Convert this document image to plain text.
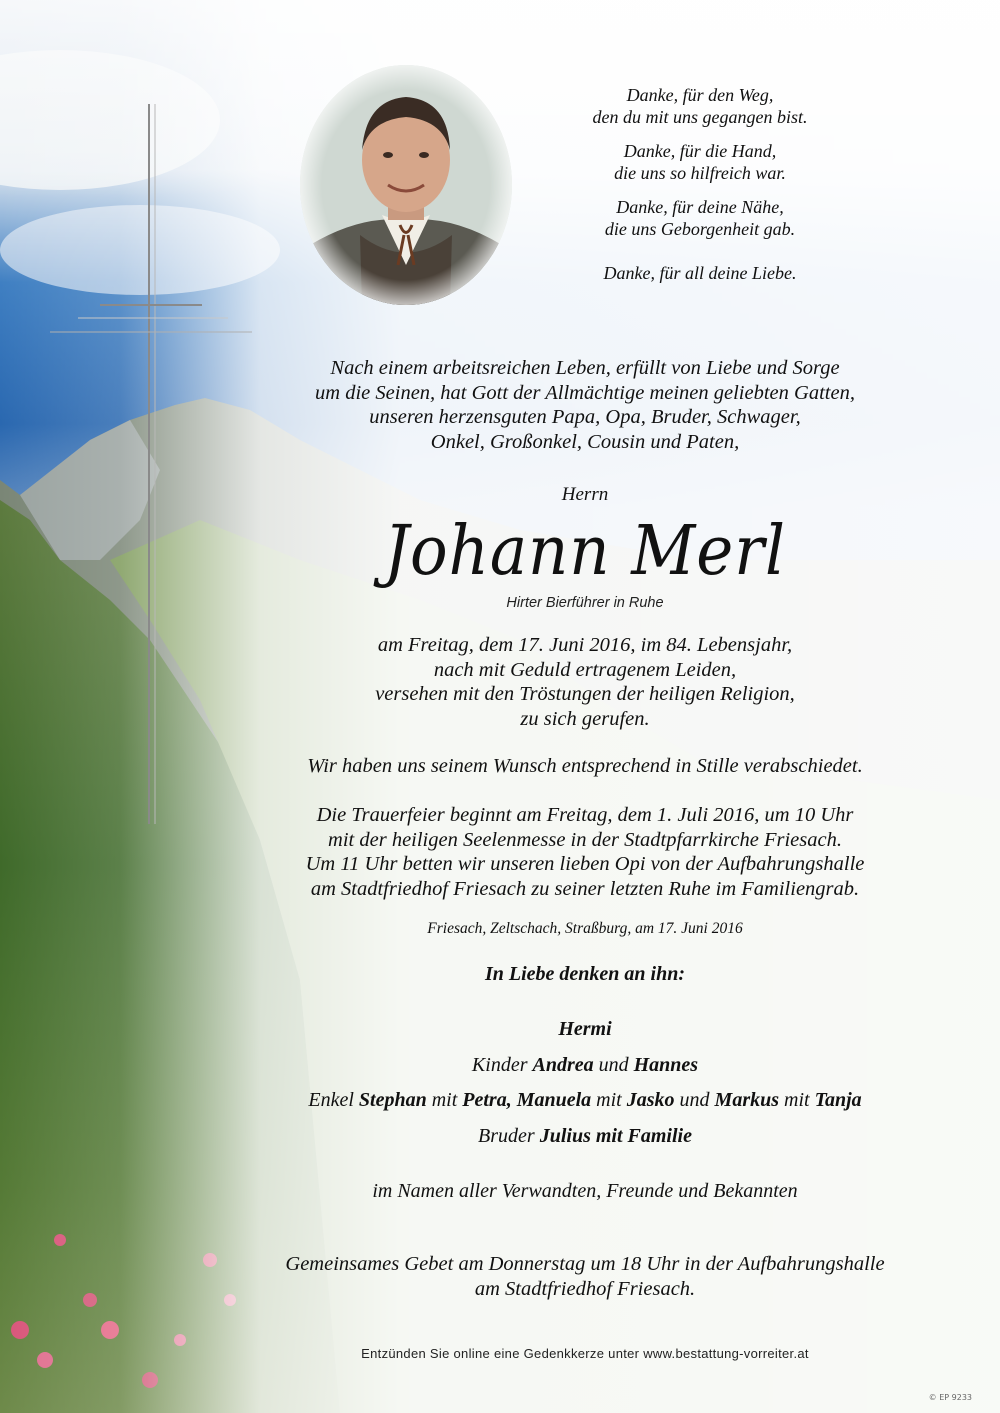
Danke, für den Weg,
den du mit uns gegangen bist.

Danke, für die Hand,
die uns so hilfreich war.

Danke, für deine Nähe,
die uns Geborgenheit gab.

Danke, für all deine Liebe.

Nach einem arbeitsreichen Leben, erfüllt von Liebe und Sorge
um die Seinen, hat Gott der Allmächtige meinen geliebten Gatten,
unseren herzensguten Papa, Opa, Bruder, Schwager,
Onkel, Großonkel, Cousin und Paten,
Herrn
Johann Merl
Hirter Bierführer in Ruhe
am Freitag, dem 17. Juni 2016, im 84. Lebensjahr,
nach mit Geduld ertragenem Leiden,
versehen mit den Tröstungen der heiligen Religion,
zu sich gerufen.
Wir haben uns seinem Wunsch entsprechend in Stille verabschiedet.
Die Trauerfeier beginnt am Freitag, dem 1. Juli 2016, um 10 Uhr
mit der heiligen Seelenmesse in der Stadtpfarrkirche Friesach.
Um 11 Uhr betten wir unseren lieben Opi von der Aufbahrungshalle
am Stadtfriedhof Friesach zu seiner letzten Ruhe im Familiengrab.
Friesach, Zeltschach, Straßburg, am 17. Juni 2016
In Liebe denken an ihn:
Hermi
Kinder Andrea und Hannes
Enkel Stephan mit Petra, Manuela mit Jasko und Markus mit Tanja
Bruder Julius mit Familie
im Namen aller Verwandten, Freunde und Bekannten
Gemeinsames Gebet am Donnerstag um 18 Uhr in der Aufbahrungshalle
am Stadtfriedhof Friesach.
Entzünden Sie online eine Gedenkkerze unter www.bestattung-vorreiter.at
© EP 9233
